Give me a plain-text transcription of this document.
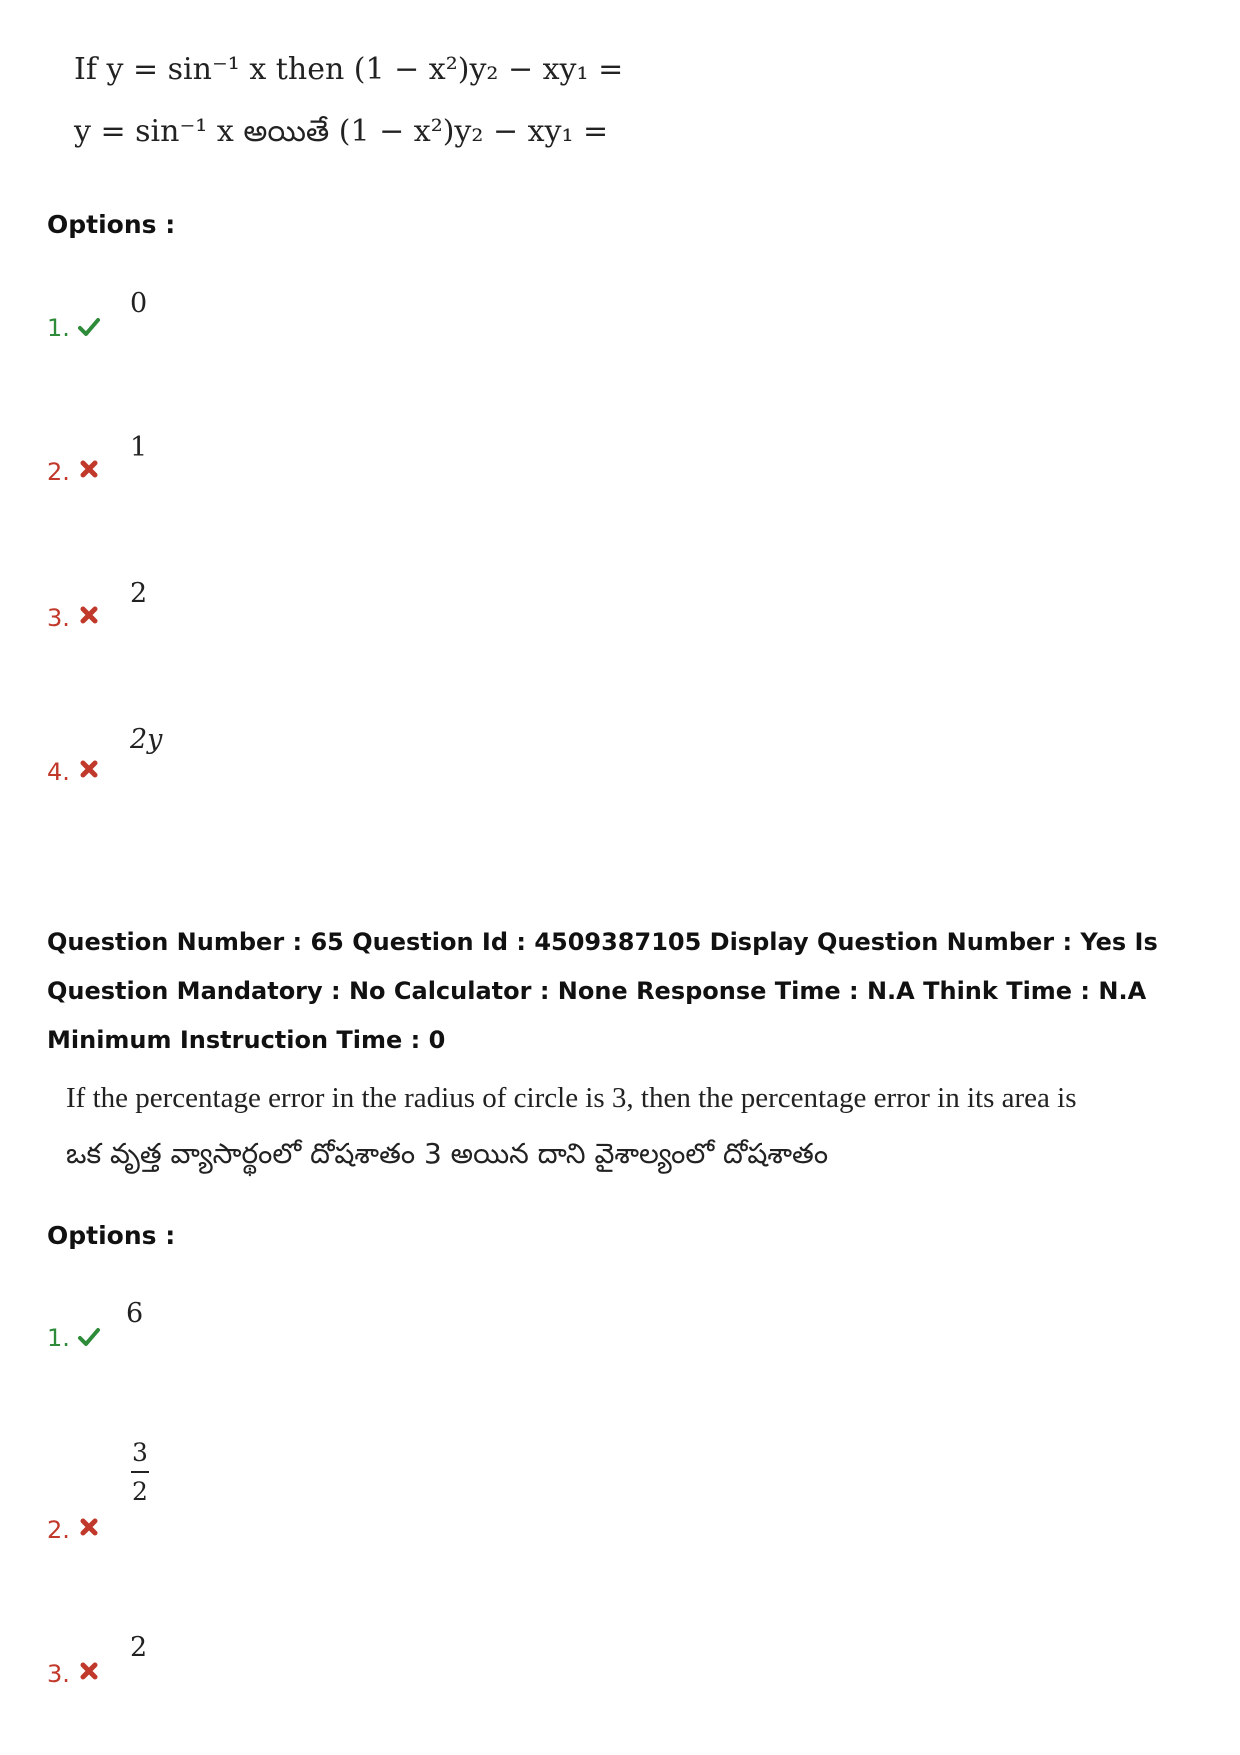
If y = sin⁻¹ x then (1 − x²)y₂ − xy₁ =
y = sin⁻¹ x అయితే (1 − x²)y₂ − xy₁ =
Options :
1.
0
2.
1
3.
2
4.
2y
Question Number : 65 Question Id : 4509387105 Display Question Number : Yes Is Question Mandatory : No Calculator : None Response Time : N.A Think Time : N.A Minimum Instruction Time : 0
If the percentage error in the radius of circle is 3, then the percentage error in its area is
ఒక వృత్త వ్యాసార్థంలో దోషశాతం 3 అయిన దాని వైశాల్యంలో దోషశాతం
Options :
1.
6
2.
3
2
3.
2
